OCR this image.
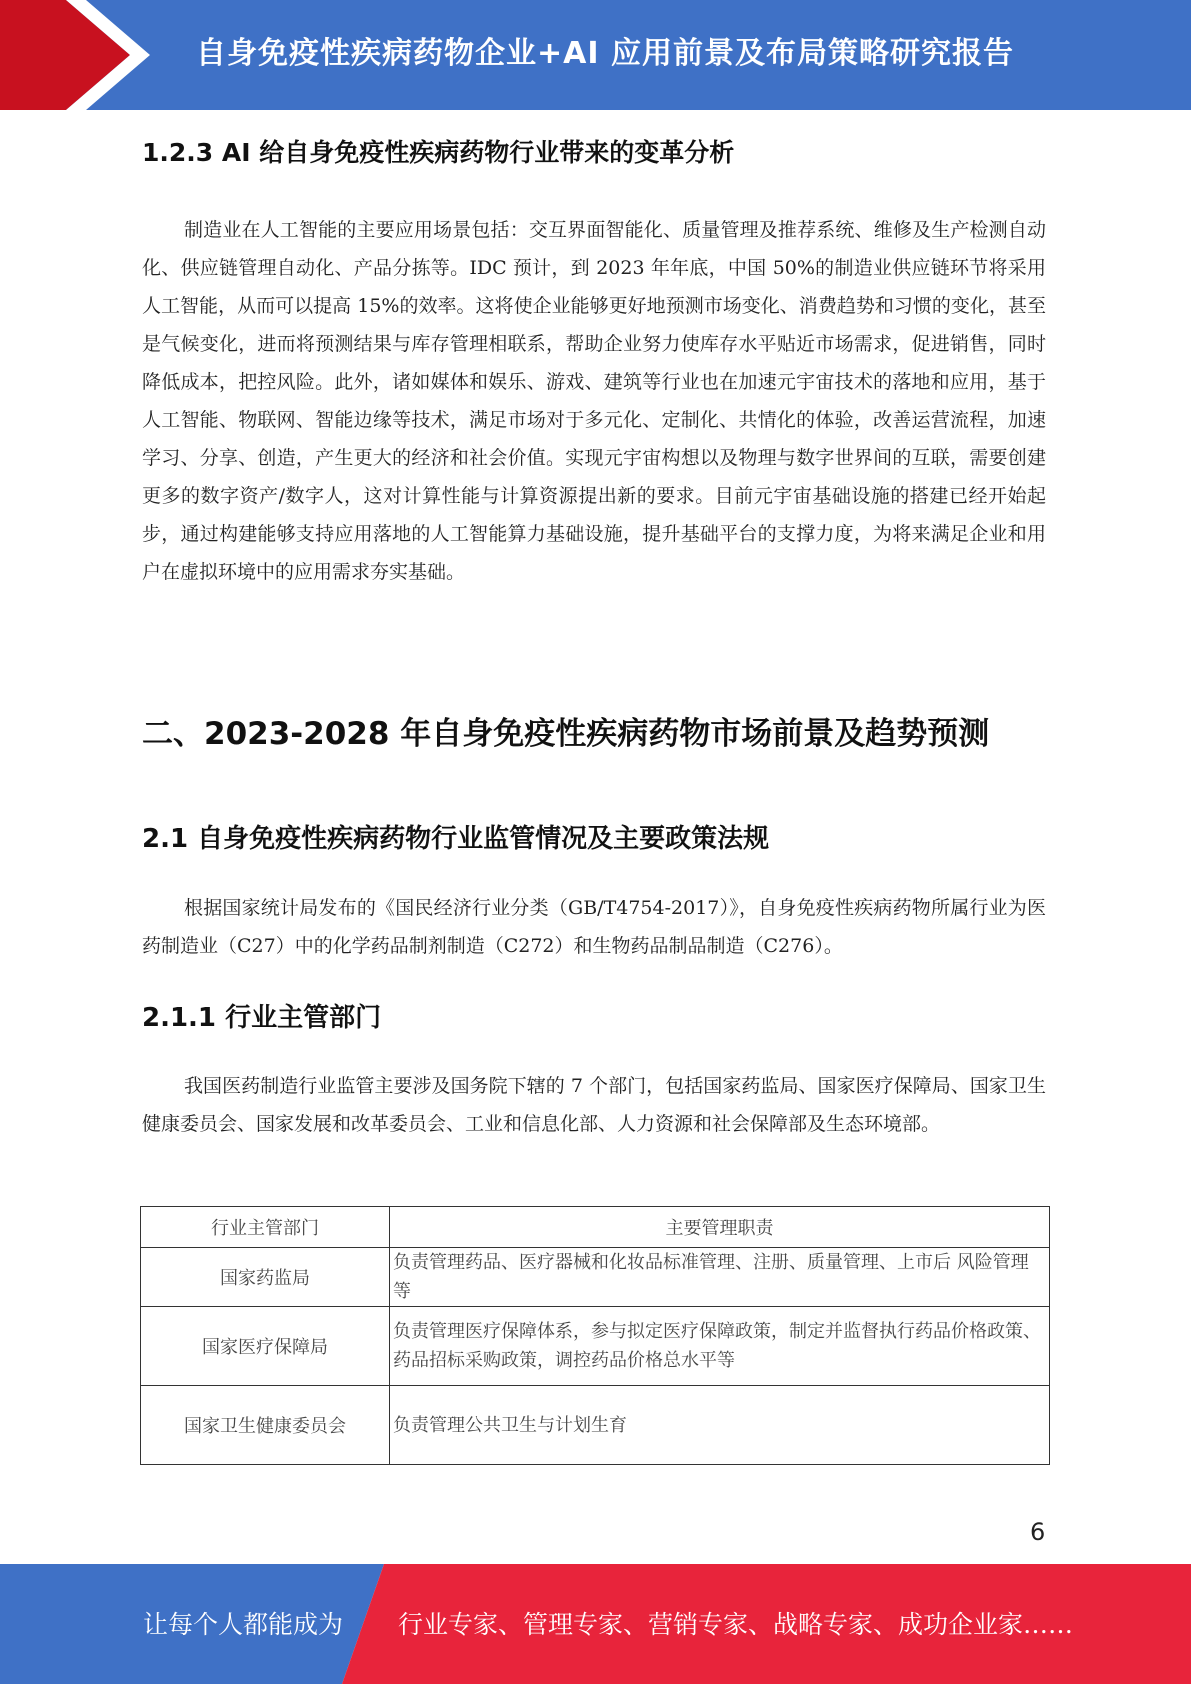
自身免疫性疾病药物企业+AI 应用前景及布局策略研究报告
1.2.3 AI 给自身免疫性疾病药物行业带来的变革分析
制造业在人工智能的主要应用场景包括：交互界面智能化、质量管理及推荐系统、维修及生产检测自动化、供应链管理自动化、产品分拣等。IDC 预计，到 2023 年年底，中国 50%的制造业供应链环节将采用人工智能，从而可以提高 15%的效率。这将使企业能够更好地预测市场变化、消费趋势和习惯的变化，甚至是气候变化，进而将预测结果与库存管理相联系，帮助企业努力使库存水平贴近市场需求，促进销售，同时降低成本，把控风险。此外，诸如媒体和娱乐、游戏、建筑等行业也在加速元宇宙技术的落地和应用，基于人工智能、物联网、智能边缘等技术，满足市场对于多元化、定制化、共情化的体验，改善运营流程，加速学习、分享、创造，产生更大的经济和社会价值。实现元宇宙构想以及物理与数字世界间的互联，需要创建更多的数字资产/数字人，这对计算性能与计算资源提出新的要求。目前元宇宙基础设施的搭建已经开始起步，通过构建能够支持应用落地的人工智能算力基础设施，提升基础平台的支撑力度，为将来满足企业和用户在虚拟环境中的应用需求夯实基础。
二、2023-2028 年自身免疫性疾病药物市场前景及趋势预测
2.1 自身免疫性疾病药物行业监管情况及主要政策法规
根据国家统计局发布的《国民经济行业分类（GB/T4754-2017）》，自身免疫性疾病药物所属行业为医药制造业（C27）中的化学药品制剂制造（C272）和生物药品制品制造（C276）。
2.1.1 行业主管部门
我国医药制造行业监管主要涉及国务院下辖的 7 个部门，包括国家药监局、国家医疗保障局、国家卫生健康委员会、国家发展和改革委员会、工业和信息化部、人力资源和社会保障部及生态环境部。
行业主管部门	主要管理职责
国家药监局	负责管理药品、医疗器械和化妆品标准管理、注册、质量管理、上市后 风险管理等
国家医疗保障局	负责管理医疗保障体系，参与拟定医疗保障政策，制定并监督执行药品价格政策、药品招标采购政策，调控药品价格总水平等
国家卫生健康委员会	负责管理公共卫生与计划生育
6
让每个人都能成为 行业专家、管理专家、营销专家、战略专家、成功企业家……
